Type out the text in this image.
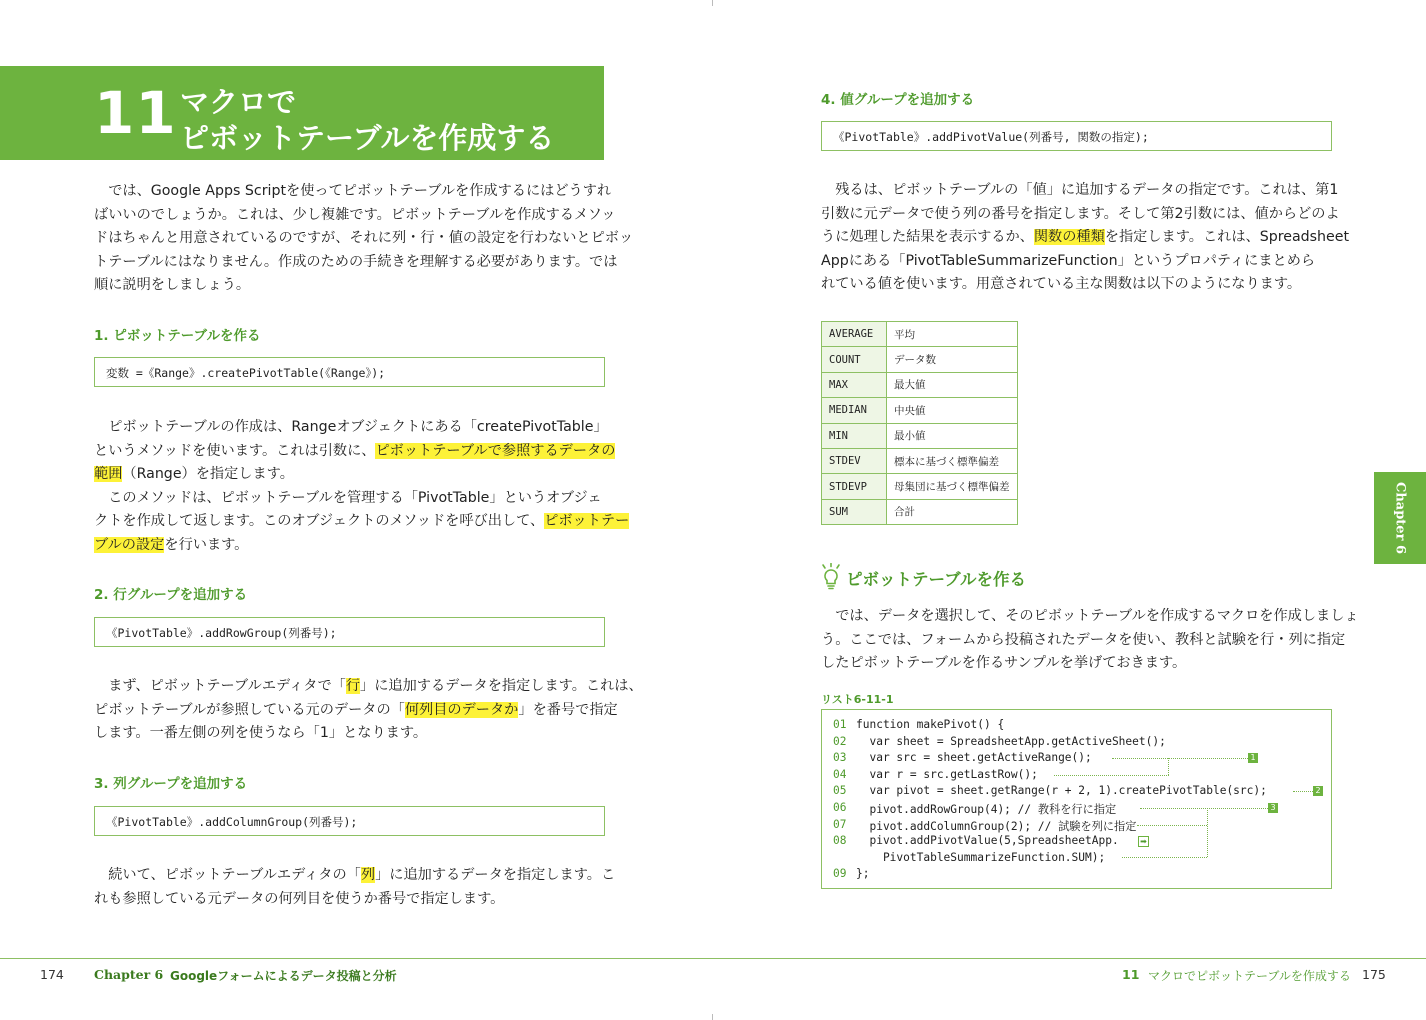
11 マクロで
ピボットテーブルを作成する
　では、Google Apps Scriptを使ってピボットテーブルを作成するにはどうすれ
ばいいのでしょうか。これは、少し複雑です。ピボットテーブルを作成するメソッ
ドはちゃんと用意されているのですが、それに列・行・値の設定を行わないとピボッ
トテーブルにはなりません。作成のための手続きを理解する必要があります。では
順に説明をしましょう。
1. ピボットテーブルを作る
変数 =《Range》.createPivotTable(《Range》);
　ピボットテーブルの作成は、Rangeオブジェクトにある「createPivotTable」
というメソッドを使います。これは引数に、ピボットテーブルで参照するデータの
範囲（Range）を指定します。
　このメソッドは、ピボットテーブルを管理する「PivotTable」というオブジェ
クトを作成して返します。このオブジェクトのメソッドを呼び出して、ピボットテー
ブルの設定を行います。
2. 行グループを追加する
《PivotTable》.addRowGroup(列番号);
　まず、ピボットテーブルエディタで「行」に追加するデータを指定します。これは、
ピボットテーブルが参照している元のデータの「何列目のデータか」を番号で指定
します。一番左側の列を使うなら「1」となります。
3. 列グループを追加する
《PivotTable》.addColumnGroup(列番号);
　続いて、ピボットテーブルエディタの「列」に追加するデータを指定します。こ
れも参照している元データの何列目を使うか番号で指定します。
4. 値グループを追加する
《PivotTable》.addPivotValue(列番号, 関数の指定);
　残るは、ピボットテーブルの「値」に追加するデータの指定です。これは、第1
引数に元データで使う列の番号を指定します。そして第2引数には、値からどのよ
うに処理した結果を表示するか、関数の種類を指定します。これは、Spreadsheet
Appにある「PivotTableSummarizeFunction」というプロパティにまとめら
れている値を使います。用意されている主な関数は以下のようになります。
AVERAGE	平均
COUNT	データ数
MAX	最大値
MEDIAN	中央値
MIN	最小値
STDEV	標本に基づく標準偏差
STDEVP	母集団に基づく標準偏差
SUM	合計
ピボットテーブルを作る
　では、データを選択して、そのピボットテーブルを作成するマクロを作成しましょ
う。ここでは、フォームから投稿されたデータを使い、教科と試験を行・列に指定
したピボットテーブルを作るサンプルを挙げておきます。
リスト6-11-1
01 function makePivot() {
02 var sheet = SpreadsheetApp.getActiveSheet();
03 var src = sheet.getActiveRange();
04 var r = src.getLastRow();
05 var pivot = sheet.getRange(r + 2, 1).createPivotTable(src);
06 pivot.addRowGroup(4); // 教科を行に指定
07 pivot.addColumnGroup(2); // 試験を列に指定
08 pivot.addPivotValue(5,SpreadsheetApp.
PivotTableSummarizeFunction.SUM);
09 };
1
2
3
➡
Chapter 6
174 Chapter 6 Googleフォームによるデータ投稿と分析	11 マクロでピボットテーブルを作成する 175
